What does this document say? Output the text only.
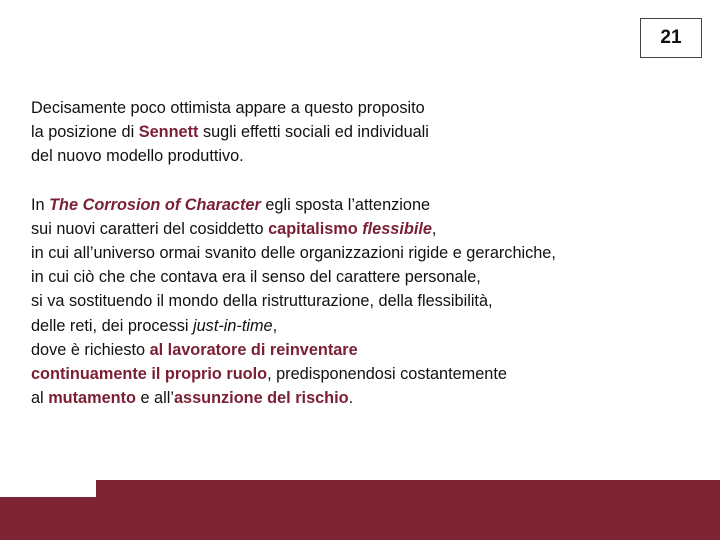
21

Decisamente poco ottimista appare a questo proposito
la posizione di Sennett sugli effetti sociali ed individuali
del nuovo modello produttivo.

In The Corrosion of Character egli sposta l’attenzione
sui nuovi caratteri del cosiddetto capitalismo flessibile,
in cui all’universo ormai svanito delle organizzazioni rigide e gerarchiche,
in cui ciò che che contava era il senso del carattere personale,
si va sostituendo il mondo della ristrutturazione, della flessibilità,
delle reti, dei processi just-in-time,
dove è richiesto al lavoratore di reinventare
continuamente il proprio ruolo, predisponendosi costantemente
al mutamento e all’assunzione del rischio.
